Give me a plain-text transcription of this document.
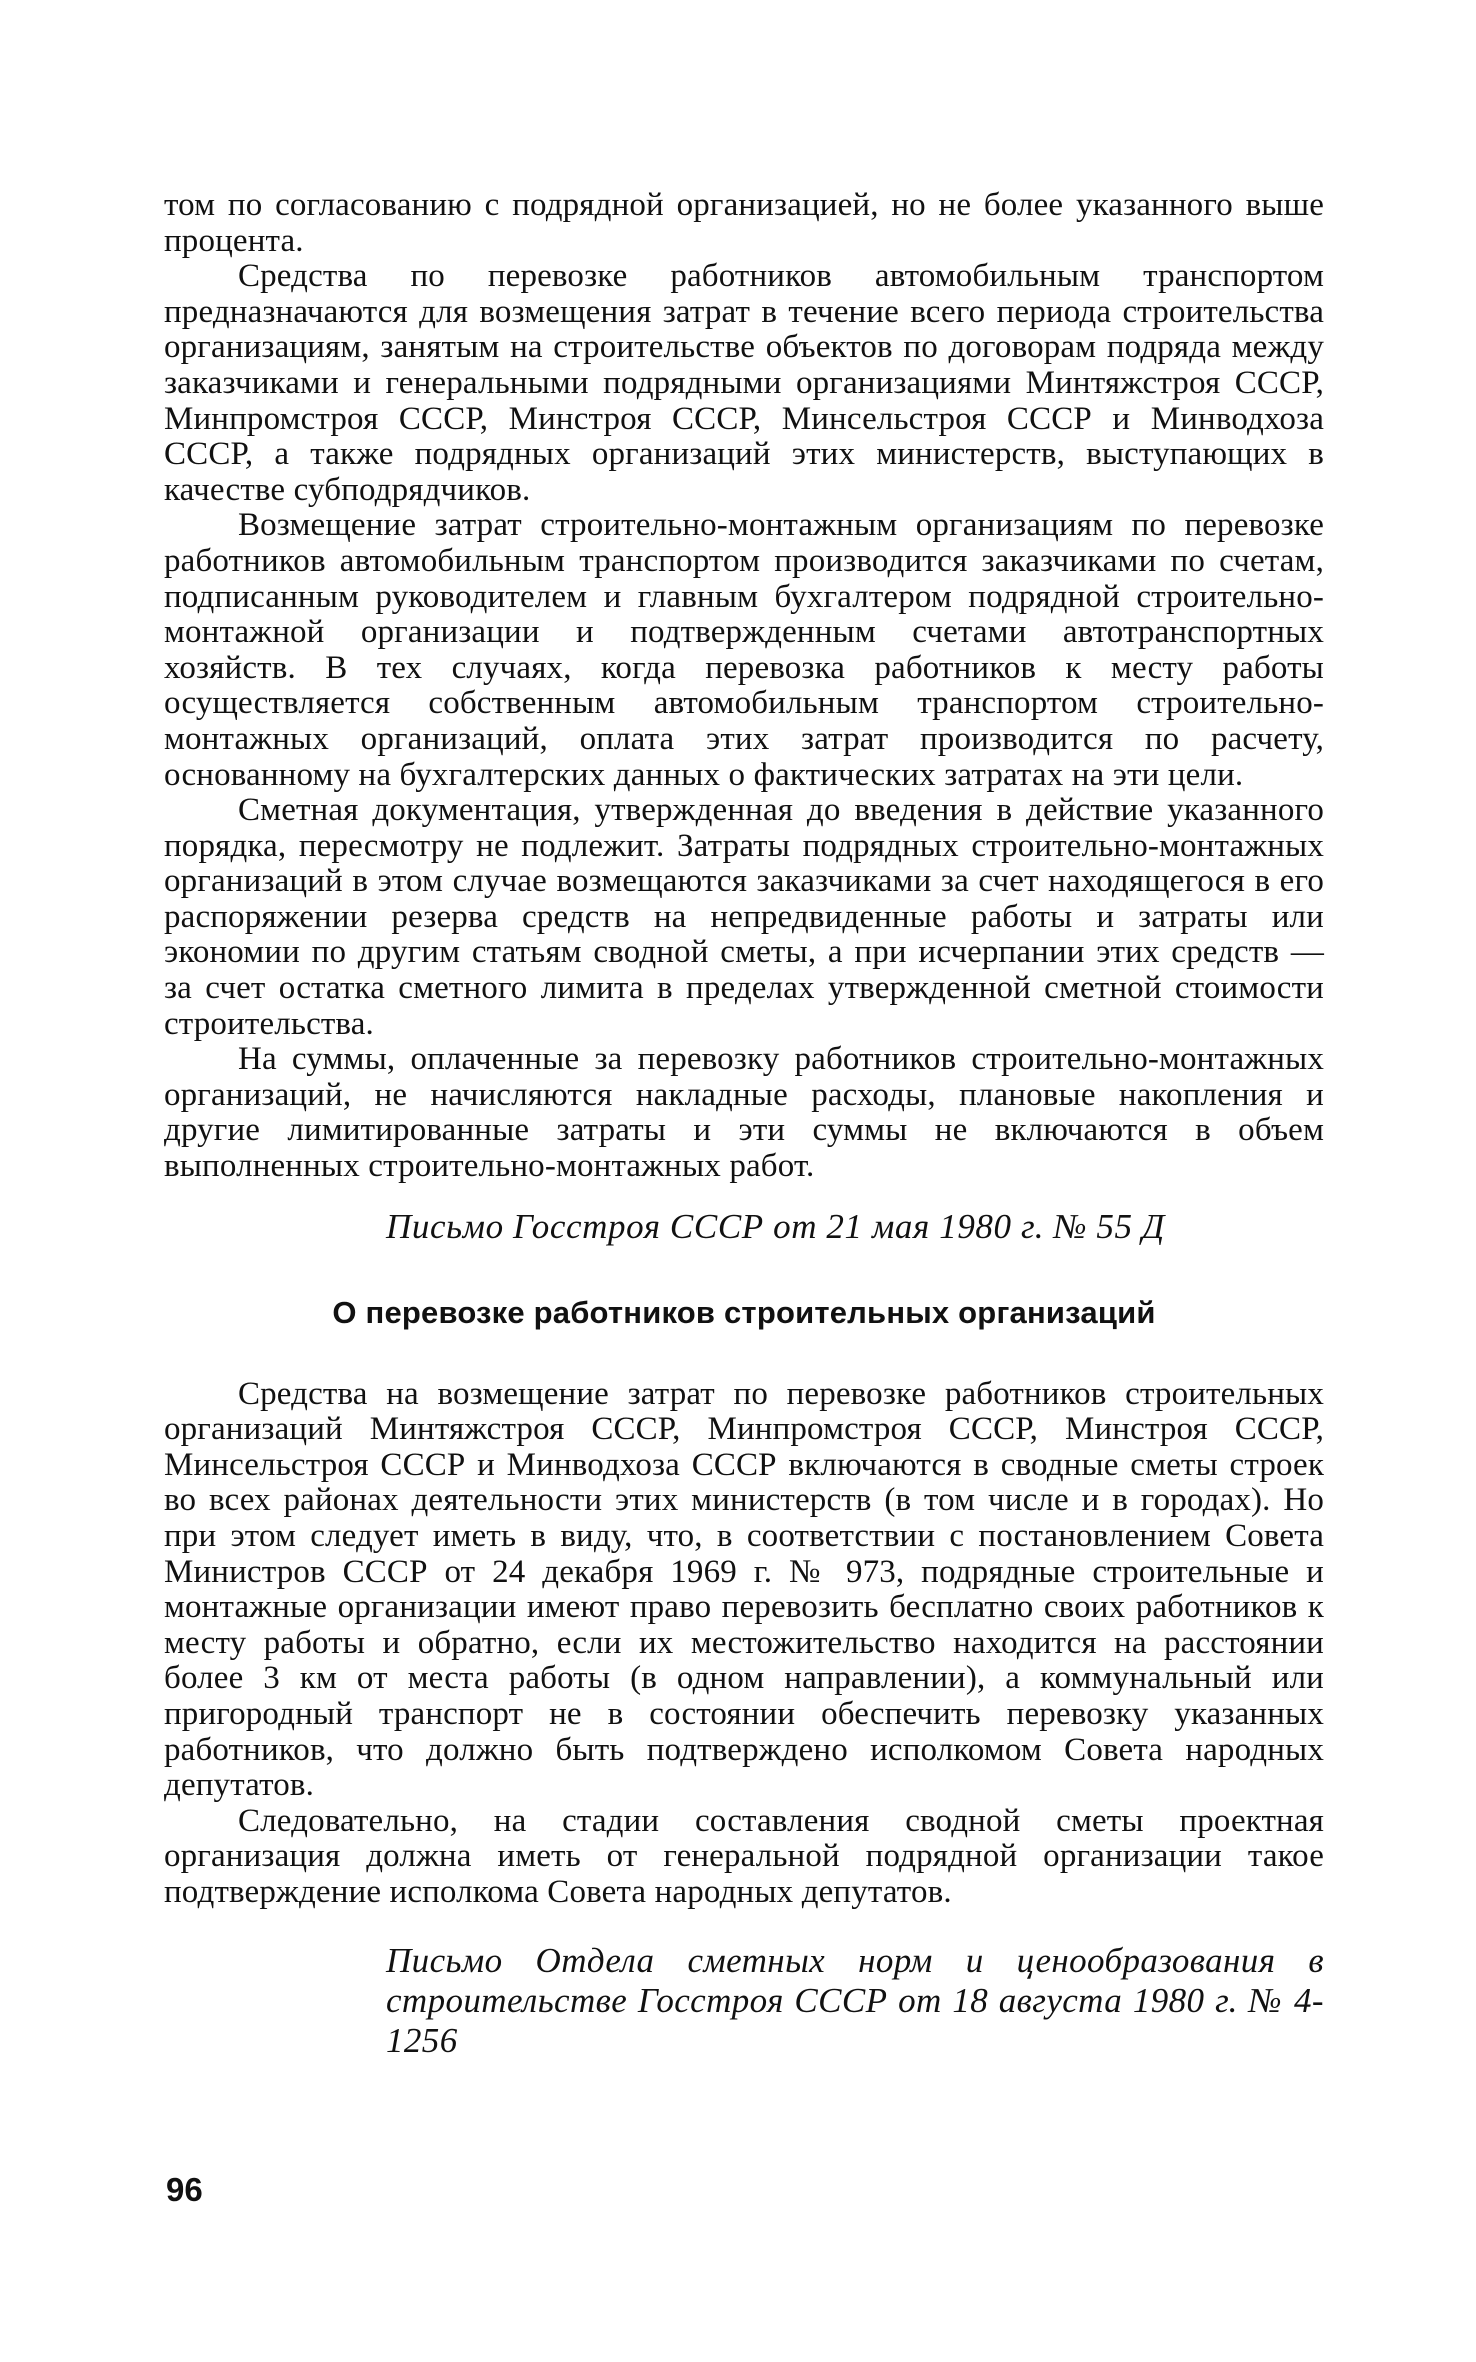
том по согласованию с подрядной организацией, но не более указанного выше процента.

Средства по перевозке работников автомобильным транспортом предназначаются для возмещения затрат в течение всего периода строительства организациям, занятым на строительстве объектов по договорам подряда между заказчиками и генеральными подрядными организациями Минтяжстроя СССР, Минпромстроя СССР, Минстроя СССР, Минсельстроя СССР и Минводхоза СССР, а также подрядных организаций этих министерств, выступающих в качестве субподрядчиков.

Возмещение затрат строительно-монтажным организациям по перевозке работников автомобильным транспортом производится заказчиками по счетам, подписанным руководителем и главным бухгалтером подрядной строительно-монтажной организации и подтвержденным счетами автотранспортных хозяйств. В тех случаях, когда перевозка работников к месту работы осуществляется собственным автомобильным транспортом строительно-монтажных организаций, оплата этих затрат производится по расчету, основанному на бухгалтерских данных о фактических затратах на эти цели.

Сметная документация, утвержденная до введения в действие указанного порядка, пересмотру не подлежит. Затраты подрядных строительно-монтажных организаций в этом случае возмещаются заказчиками за счет находящегося в его распоряжении резерва средств на непредвиденные работы и затраты или экономии по другим статьям сводной сметы, а при исчерпании этих средств — за счет остатка сметного лимита в пределах утвержденной сметной стоимости строительства.

На суммы, оплаченные за перевозку работников строительно-монтажных организаций, не начисляются накладные расходы, плановые накопления и другие лимитированные затраты и эти суммы не включаются в объем выполненных строительно-монтажных работ.

Письмо Госстроя СССР от 21 мая 1980 г. № 55 Д
О перевозке работников строительных организаций

Средства на возмещение затрат по перевозке работников строительных организаций Минтяжстроя СССР, Минпромстроя СССР, Минстроя СССР, Минсельстроя СССР и Минводхоза СССР включаются в сводные сметы строек во всех районах деятельности этих министерств (в том числе и в городах). Но при этом следует иметь в виду, что, в соответствии с постановлением Совета Министров СССР от 24 декабря 1969 г. № 973, подрядные строительные и монтажные организации имеют право перевозить бесплатно своих работников к месту работы и обратно, если их местожительство находится на расстоянии более 3 км от места работы (в одном направлении), а коммунальный или пригородный транспорт не в состоянии обеспечить перевозку указанных работников, что должно быть подтверждено исполкомом Совета народных депутатов.

Следовательно, на стадии составления сводной сметы проектная организация должна иметь от генеральной подрядной организации такое подтверждение исполкома Совета народных депутатов.

Письмо Отдела сметных норм и ценообразования в строительстве Госстроя СССР от 18 августа 1980 г. № 4-1256
96
